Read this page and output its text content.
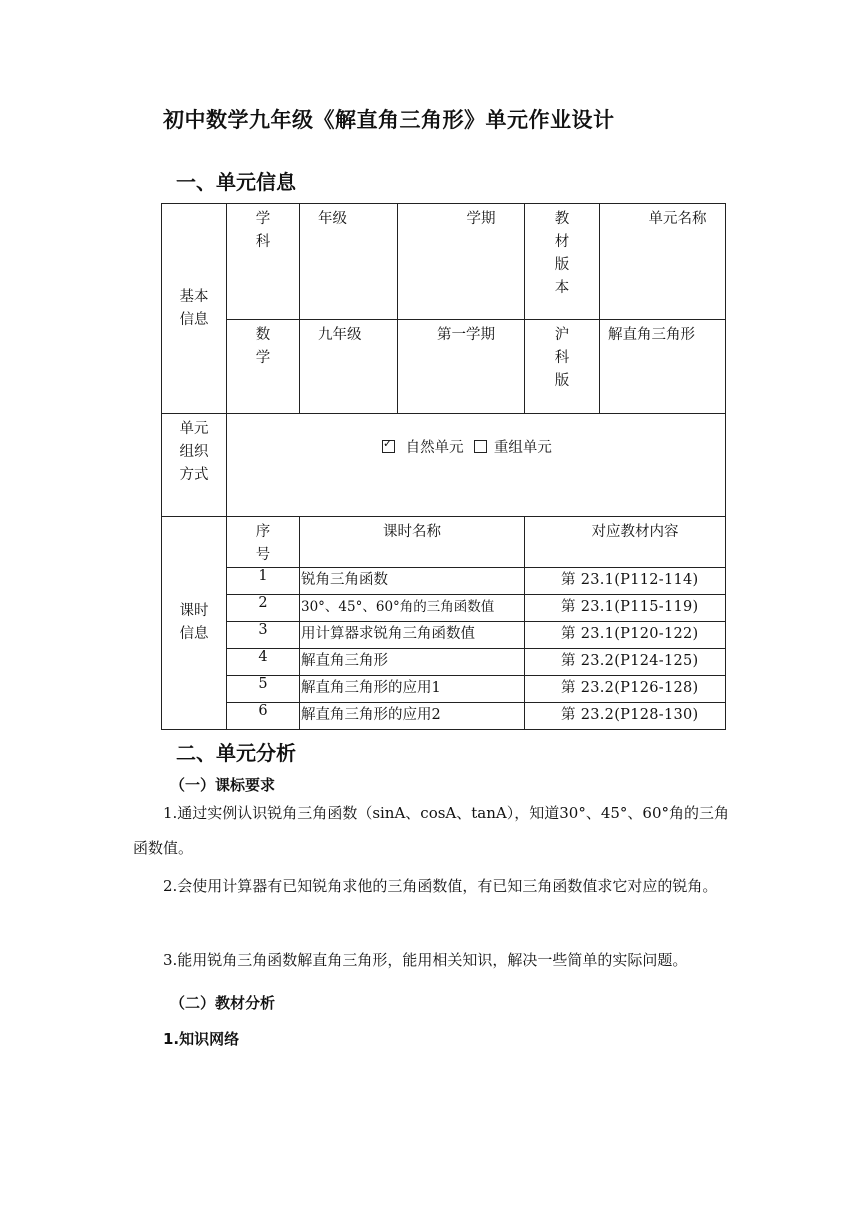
初中数学九年级《解直角三角形》单元作业设计
一、单元信息
基本信息	学科	年级	学期	教材版本	单元名称
	数学	九年级	第一学期	沪科版	解直角三角形
单元组织方式	✓ 自然单元 重组单元
课时信息	序号	课时名称		对应教材内容	
	1	锐角三角函数		第 23.1(P112-114)	
	2	30°、45°、60°角的三角函数值		第 23.1(P115-119)	
	3	用计算器求锐角三角函数值		第 23.1(P120-122)	
	4	解直角三角形		第 23.2(P124-125)	
	5	解直角三角形的应用1		第 23.2(P126-128)	
	6	解直角三角形的应用2		第 23.2(P128-130)	
二、单元分析
（一）课标要求

1.通过实例认识锐角三角函数（sinA、cosA、tanA），知道30°、45°、60°角的三角函数值。

2.会使用计算器有已知锐角求他的三角函数值，有已知三角函数值求它对应的锐角。

3.能用锐角三角函数解直角三角形，能用相关知识，解决一些简单的实际问题。

（二）教材分析
1.知识网络
